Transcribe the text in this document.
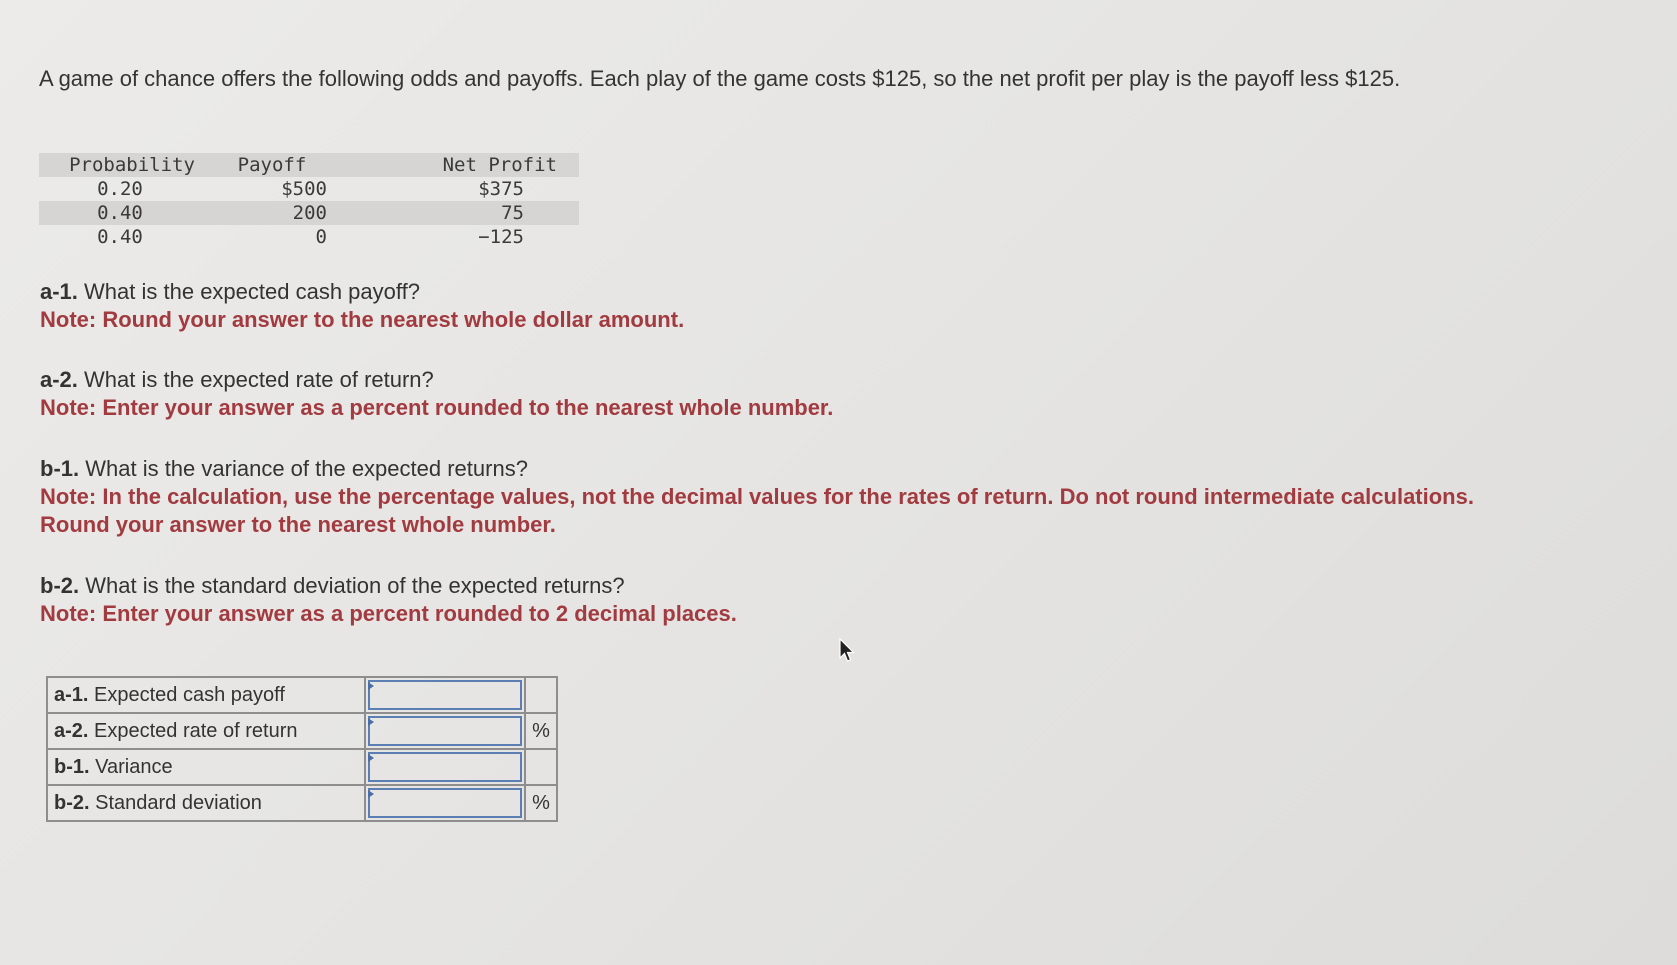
A game of chance offers the following odds and payoffs. Each play of the game costs $125, so the net profit per play is the payoff less $125.
Probability	Payoff	Net Profit
0.20	$500	$375
0.40	200	75
0.40	0	−125
a-1. What is the expected cash payoff?
Note: Round your answer to the nearest whole dollar amount.
a-2. What is the expected rate of return?
Note: Enter your answer as a percent rounded to the nearest whole number.
b-1. What is the variance of the expected returns?
Note: In the calculation, use the percentage values, not the decimal values for the rates of return. Do not round intermediate calculations. Round your answer to the nearest whole number.
b-2. What is the standard deviation of the expected returns?
Note: Enter your answer as a percent rounded to 2 decimal places.
a-1. Expected cash payoff	

a-2. Expected rate of return		%
b-1. Variance	

b-2. Standard deviation		%
